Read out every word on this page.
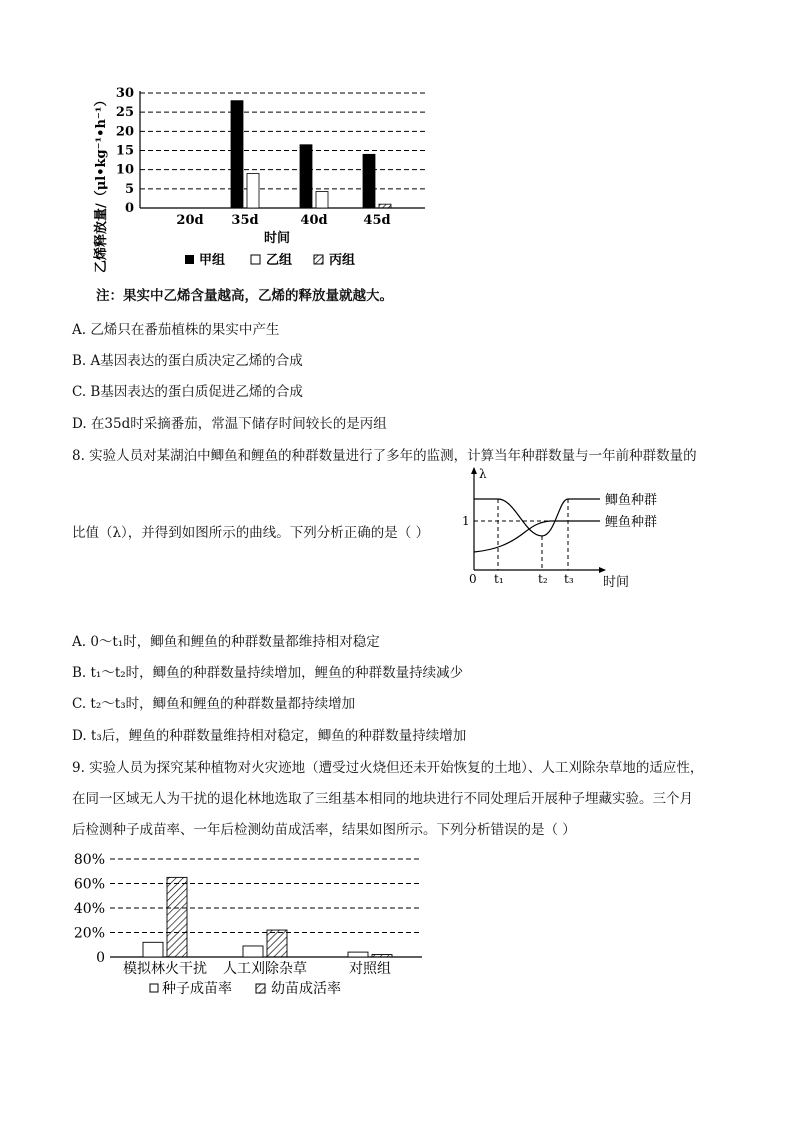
乙烯释放量/（μl•kg⁻¹•h⁻¹） 0
5
10
15
20
25
30
20d 35d	40d	45d
时间
甲组	乙组	丙组
注：果实中乙烯含量越高，乙烯的释放量就越大。
A. 乙烯只在番茄植株的果实中产生
B. A基因表达的蛋白质决定乙烯的合成
C. B基因表达的蛋白质促进乙烯的合成
D. 在35d时采摘番茄，常温下储存时间较长的是丙组
8. 实验人员对某湖泊中鲫鱼和鲤鱼的种群数量进行了多年的监测，计算当年种群数量与一年前种群数量的
比值（λ），并得到如图所示的曲线。下列分析正确的是（ ）
λ
0
1
t₁	t₂ t₃ 时间
鲫鱼种群
鲤鱼种群
A. 0～t₁时，鲫鱼和鲤鱼的种群数量都维持相对稳定
B. t₁～t₂时，鲫鱼的种群数量持续增加，鲤鱼的种群数量持续减少
C. t₂～t₃时，鲫鱼和鲤鱼的种群数量都持续增加
D. t₃后，鲤鱼的种群数量维持相对稳定，鲫鱼的种群数量持续增加
9. 实验人员为探究某种植物对火灾迹地（遭受过火烧但还未开始恢复的土地）、人工刈除杂草地的适应性，
在同一区域无人为干扰的退化林地选取了三组基本相同的地块进行不同处理后开展种子埋藏实验。三个月
后检测种子成苗率、一年后检测幼苗成活率，结果如图所示。下列分析错误的是（ ）
0
20%
40%
60%
80%
模拟林火干扰 人工刈除杂草	对照组
种子成苗率	幼苗成活率
